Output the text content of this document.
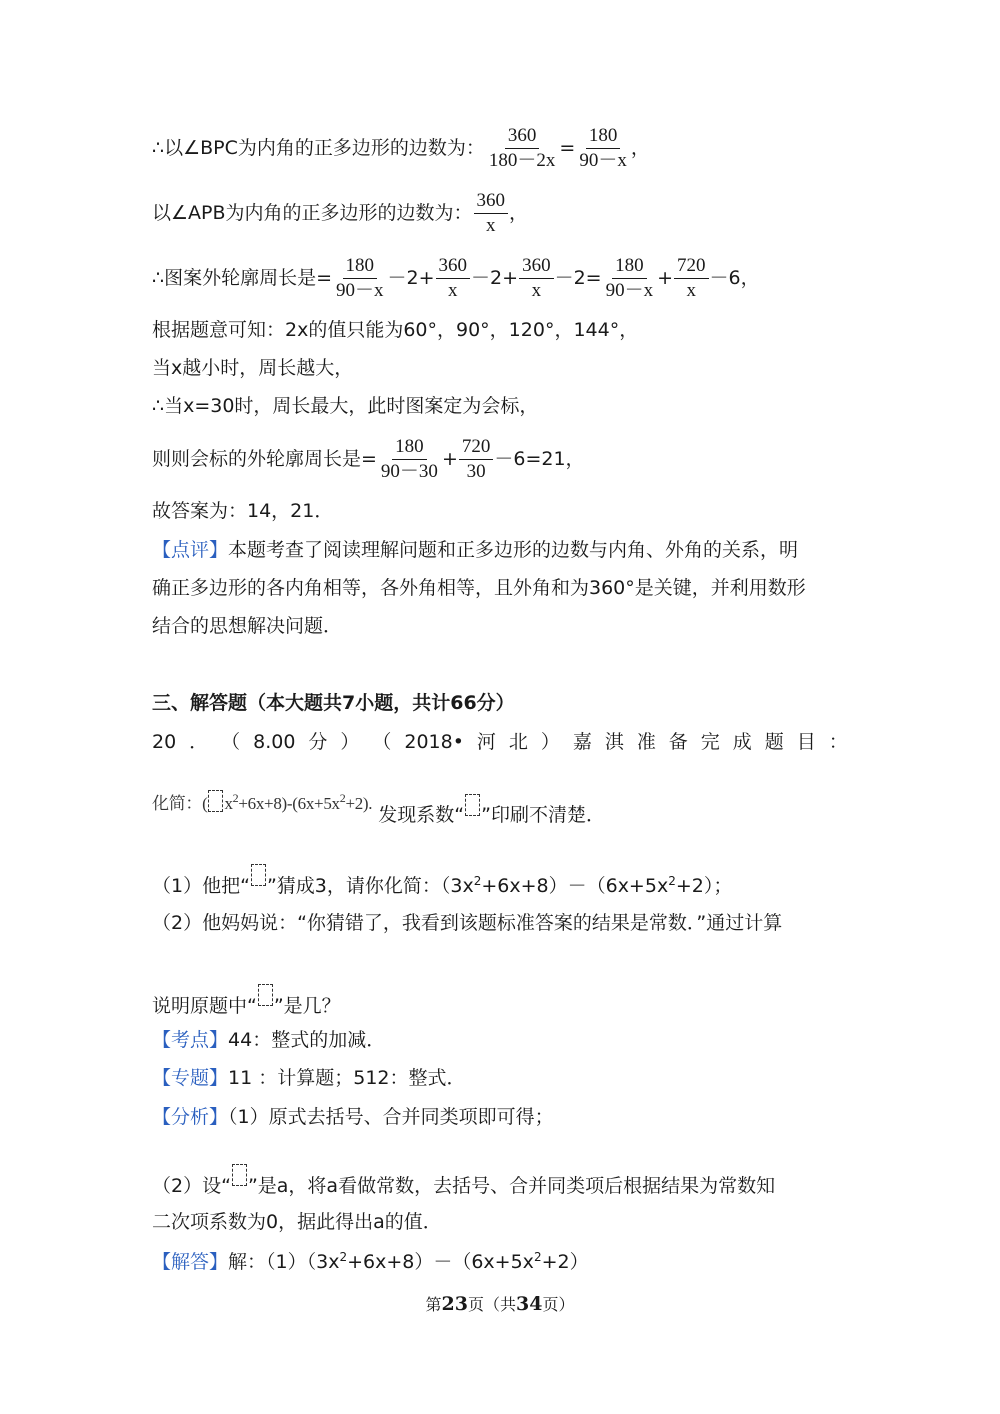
∴以∠BPC为内角的正多边形的边数为： $\frac{360}{180-2x} = \frac{180}{90-x}$ ，
以∠APB为内角的正多边形的边数为： $\frac{360}{x}$ ，
∴图案外轮廓周长是= $\frac{180}{90-x} -2+ \frac{360}{x} -2+ \frac{360}{x} -2= \frac{180}{90-x} + \frac{720}{x} -6$，
根据题意可知：2x的值只能为60°，90°，120°，144°，
当x越小时，周长越大，
∴当x=30时，周长最大，此时图案定为会标，
则则会标的外轮廓周长是= $\frac{180}{90-30} + \frac{720}{30} -6=21$，
故答案为：14，21．
【点评】本题考查了阅读理解问题和正多边形的边数与内角、外角的关系，明
确正多边形的各内角相等，各外角相等，且外角和为360°是关键，并利用数形
结合的思想解决问题．
三、解答题（本大题共7小题，共计66分）
20 ． （ 8.00 分 ） （ 2018• 河 北 ） 嘉 淇 准 备 完 成 题 目 ：
化简：( $x^2+6x+8)-(6x+5x^2+2)$. 发现系数“ ”印刷不清楚．
（1）他把“ ”猜成3，请你化简：$(3x^2+6x+8)-(6x+5x^2+2)$；
（2）他妈妈说：“你猜错了，我看到该题标准答案的结果是常数．”通过计算
说明原题中“ ”是几？
【考点】44：整式的加减．
【专题】11 ：计算题；512：整式．
【分析】（1）原式去括号、合并同类项即可得；
（2）设“ ”是a，将a看做常数，去括号、合并同类项后根据结果为常数知
二次项系数为0，据此得出a的值．
【解答】解：$(1)(3x^2+6x+8)-(6x+5x^2+2)$
第23页（共34页）
